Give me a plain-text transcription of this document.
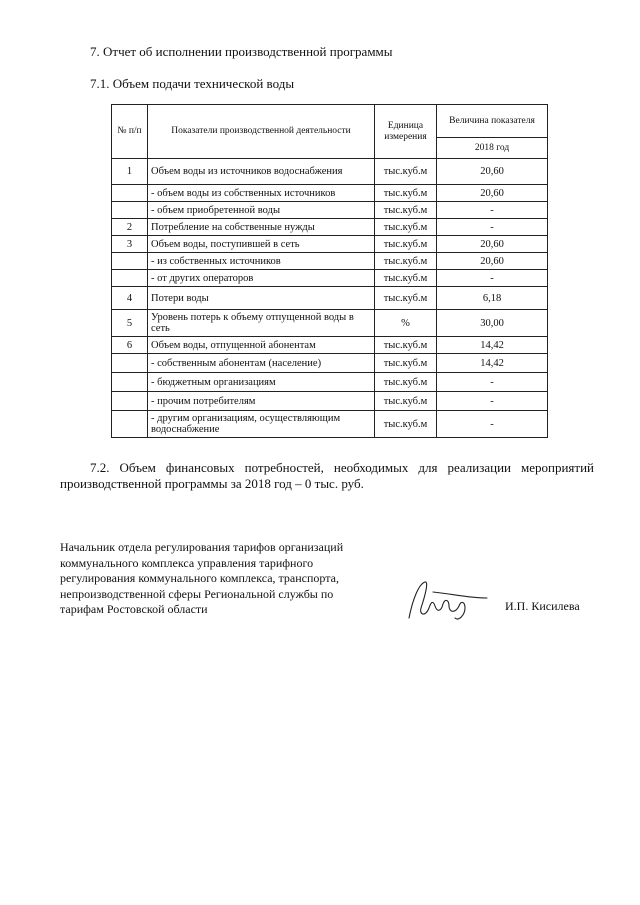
7. Отчет об исполнении производственной программы
7.1. Объем подачи технической воды
№ п/п	Показатели производственной деятельности	Единица измерения	Величина показателя
			2018 год
1	Объем воды из источников водоснабжения	тыс.куб.м	20,60
	- объем воды из собственных источников	тыс.куб.м	20,60
	- объем приобретенной воды	тыс.куб.м	-
2	Потребление на собственные нужды	тыс.куб.м	-
3	Объем воды, поступившей в сеть	тыс.куб.м	20,60
	- из собственных источников	тыс.куб.м	20,60
	- от других операторов	тыс.куб.м	-
4	Потери воды	тыс.куб.м	6,18
5	Уровень потерь к объему отпущенной воды в сеть	%	30,00
6	Объем воды, отпущенной абонентам	тыс.куб.м	14,42
	- собственным абонентам (население)	тыс.куб.м	14,42
	- бюджетным организациям	тыс.куб.м	-
	- прочим потребителям	тыс.куб.м	-
	- другим организациям, осуществляющим водоснабжение	тыс.куб.м	-
7.2. Объем финансовых потребностей, необходимых для реализации мероприятий
производственной программы за 2018 год – 0 тыс. руб.
Начальник отдела регулирования тарифов организаций
коммунального комплекса управления тарифного
регулирования коммунального комплекса, транспорта,
непроизводственной сферы Региональной службы по
тарифам Ростовской области	И.П. Кисилева
